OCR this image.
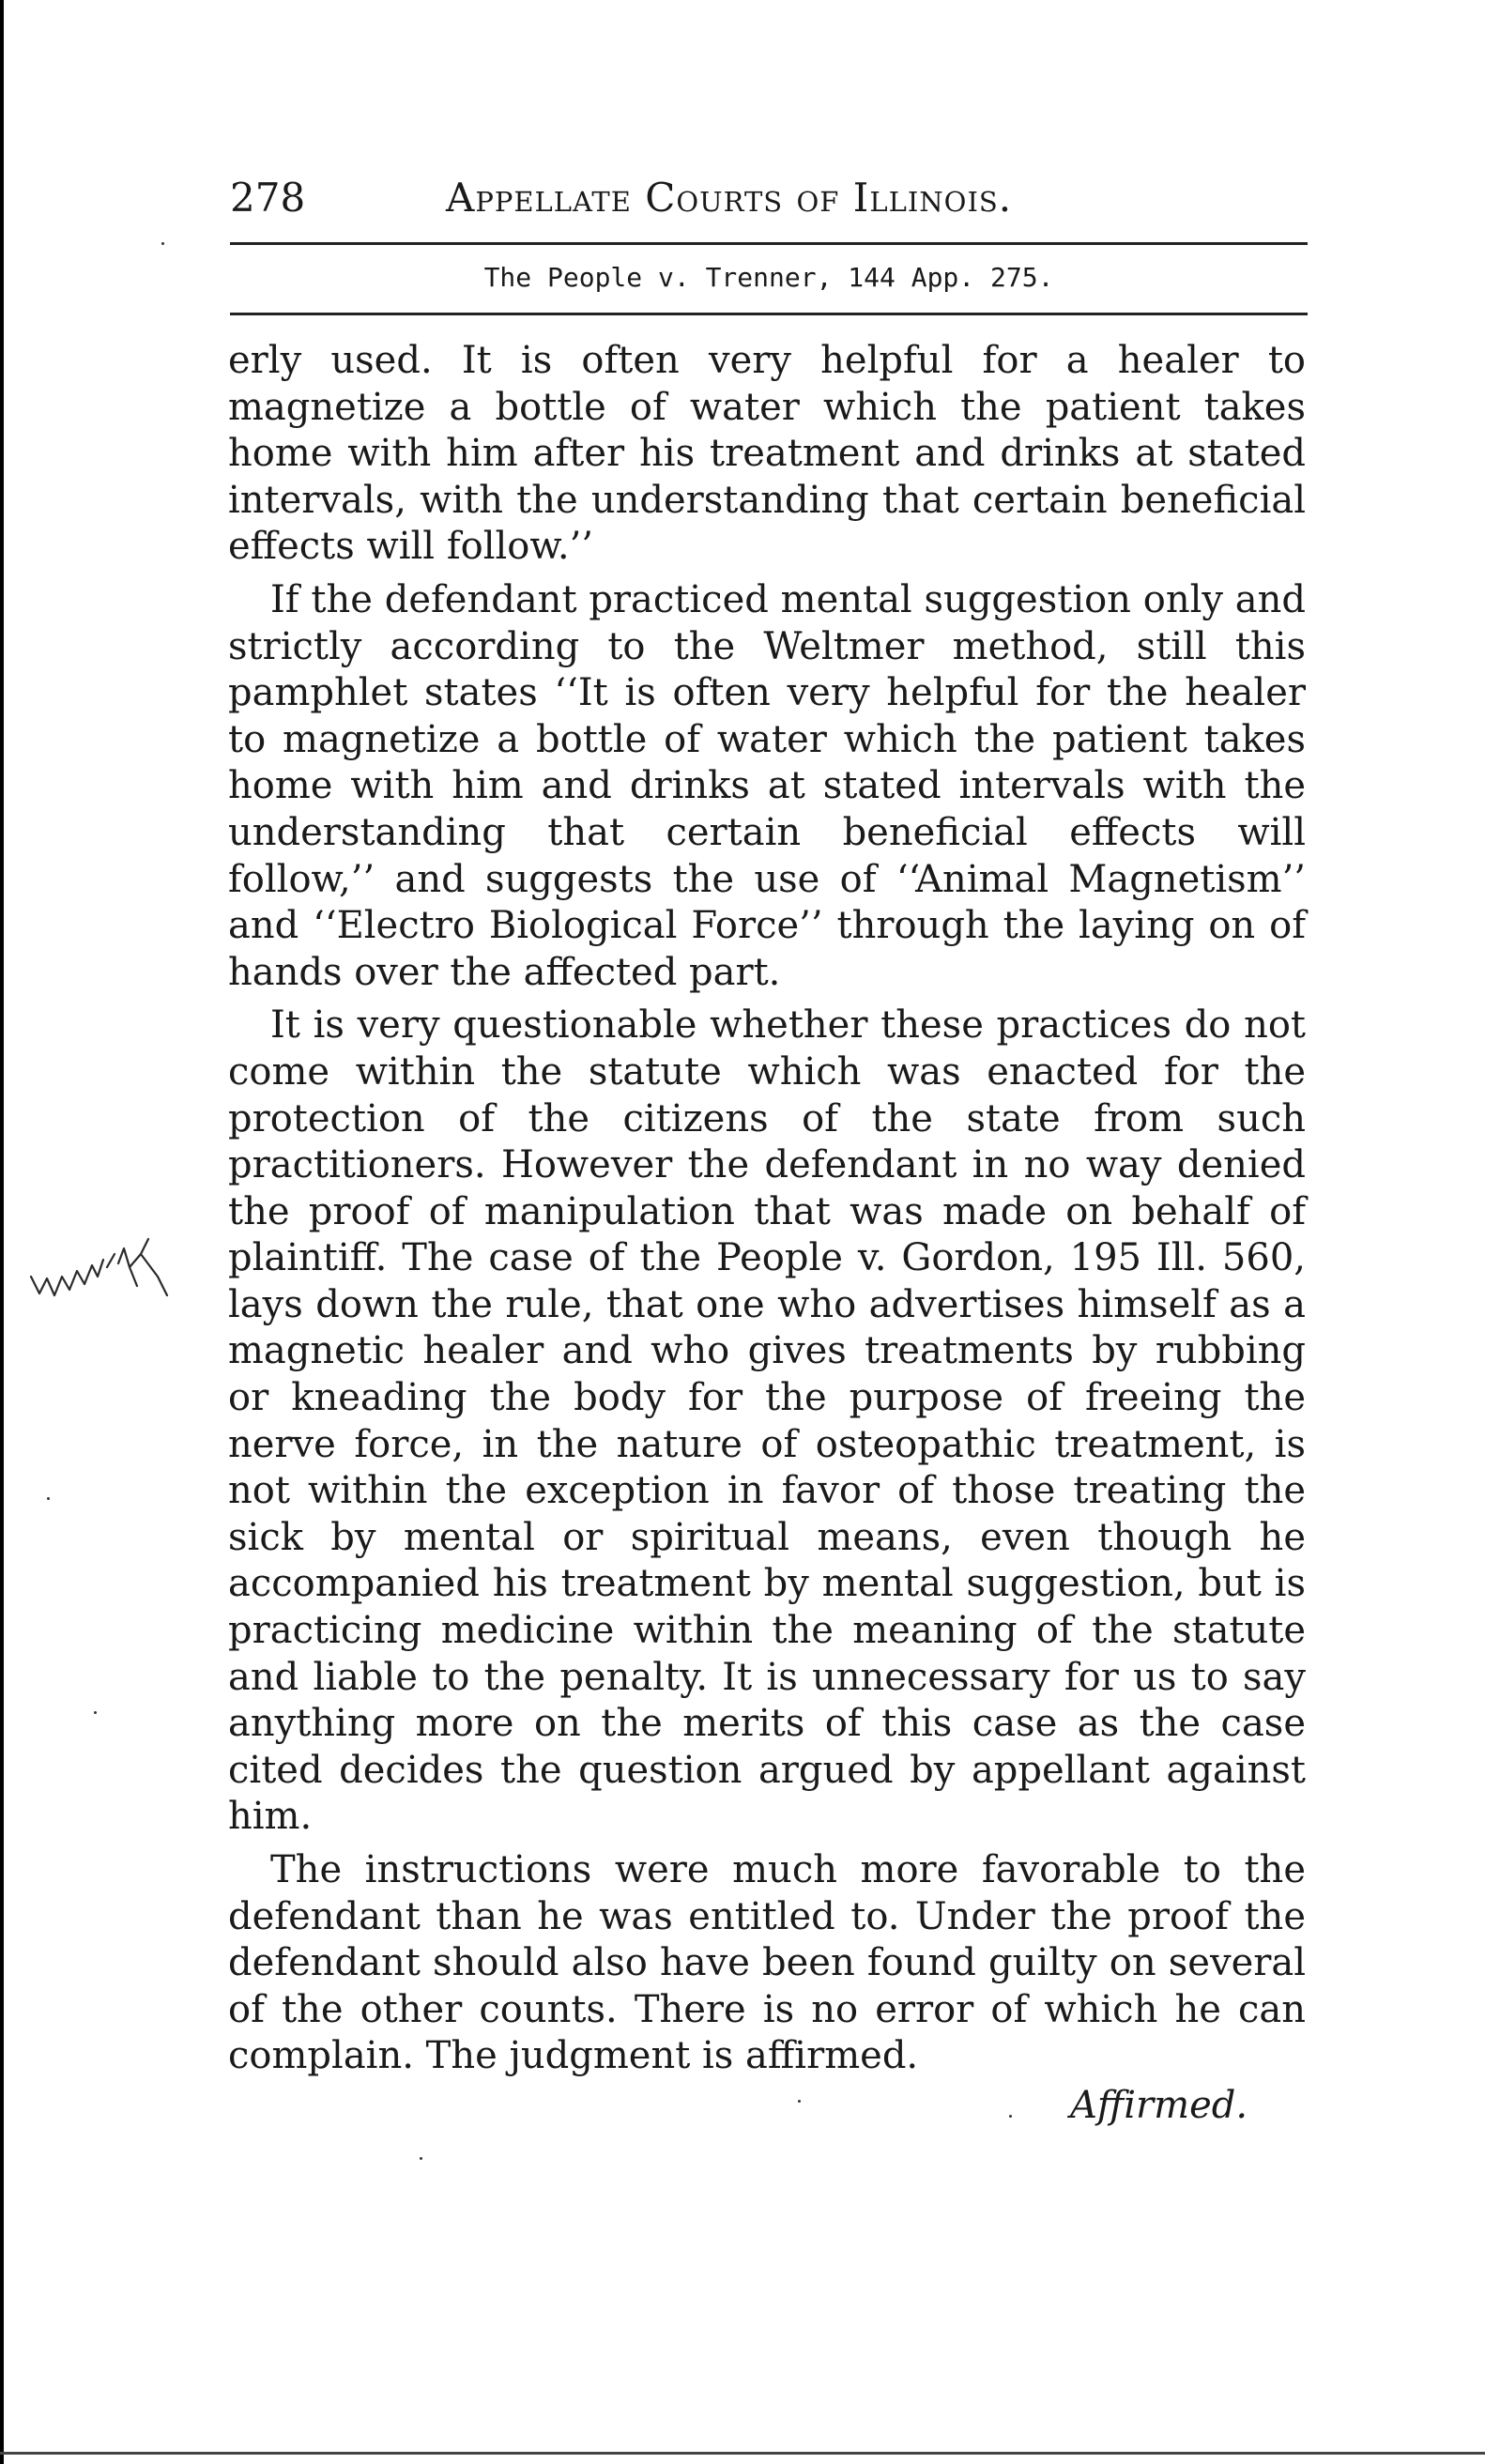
278	Appellate Courts of Illinois.
The People v. Trenner, 144 App. 275.

erly used. It is often very helpful for a healer to magnetize a bottle of water which the patient takes home with him after his treatment and drinks at stated intervals, with the understanding that certain beneficial effects will follow.’’

If the defendant practiced mental suggestion only and strictly according to the Weltmer method, still this pamphlet states ‘‘It is often very helpful for the healer to magnetize a bottle of water which the patient takes home with him and drinks at stated intervals with the understanding that certain beneficial effects will follow,’’ and suggests the use of ‘‘Animal Magnetism’’ and ‘‘Electro Biological Force’’ through the laying on of hands over the affected part.

It is very questionable whether these practices do not come within the statute which was enacted for the protection of the citizens of the state from such practitioners. However the defendant in no way denied the proof of manipulation that was made on behalf of plaintiff. The case of the People v. Gordon, 195 Ill. 560, lays down the rule, that one who advertises himself as a magnetic healer and who gives treatments by rubbing or kneading the body for the purpose of freeing the nerve force, in the nature of osteopathic treatment, is not within the exception in favor of those treating the sick by mental or spiritual means, even though he accompanied his treatment by mental suggestion, but is practicing medicine within the meaning of the statute and liable to the penalty. It is unnecessary for us to say anything more on the merits of this case as the case cited decides the question argued by appellant against him.

The instructions were much more favorable to the defendant than he was entitled to. Under the proof the defendant should also have been found guilty on several of the other counts. There is no error of which he can complain. The judgment is affirmed.

Affirmed.
